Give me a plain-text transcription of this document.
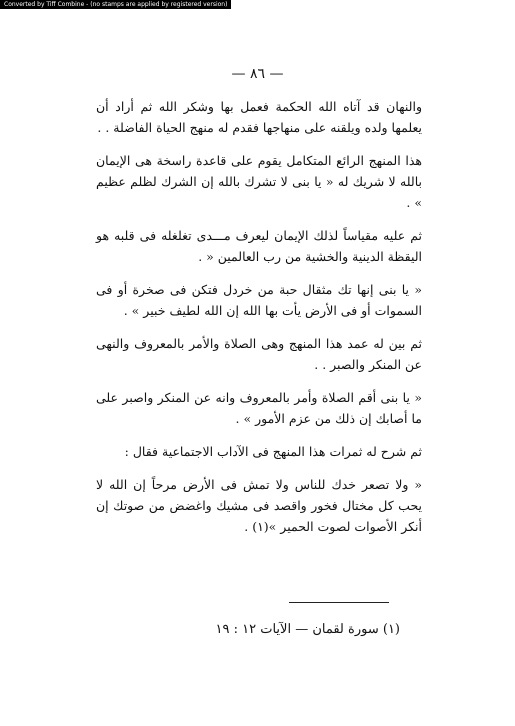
Converted by Tiff Combine - (no stamps are applied by registered version)
— ٨٦ —

والنهان قد آتاه الله الحكمة فعمل بها وشكر الله ثم أراد أن يعلمها ولده ويلقنه على منهاجها فقدم له منهج الحياة الفاضلة . .

هذا المنهج الرائع المتكامل يقوم على قاعدة راسخة هى الإيمان بالله لا شريك له « يا بنى لا تشرك بالله إن الشرك لظلم عظيم » .

ثم عليه مقياساً لذلك الإيمان ليعرف مـــدى تغلغله فى قلبه هو اليقظة الدينية والخشية من رب العالمين « .

« يا بنى إنها تك مثقال حبة من خردل فتكن فى صخرة أو فى السموات أو فى الأرض يأت بها الله إن الله لطيف خبير » .

ثم بين له عمد هذا المنهج وهى الصلاة والأمر بالمعروف والنهى عن المنكر والصبر . .

« يا بنى أقم الصلاة وأمر بالمعروف وانه عن المنكر واصبر على ما أصابك إن ذلك من عزم الأمور » .

ثم شرح له ثمرات هذا المنهج فى الآداب الاجتماعية فقال :

« ولا تصعر خدك للناس ولا تمش فى الأرض مرحاً إن الله لا يحب كل مختال فخور واقصد فى مشيك واغضض من صوتك إن أنكر الأصوات لصوت الحمير »(١) .

(١) سورة لقمان — الآيات ١٢ : ١٩
